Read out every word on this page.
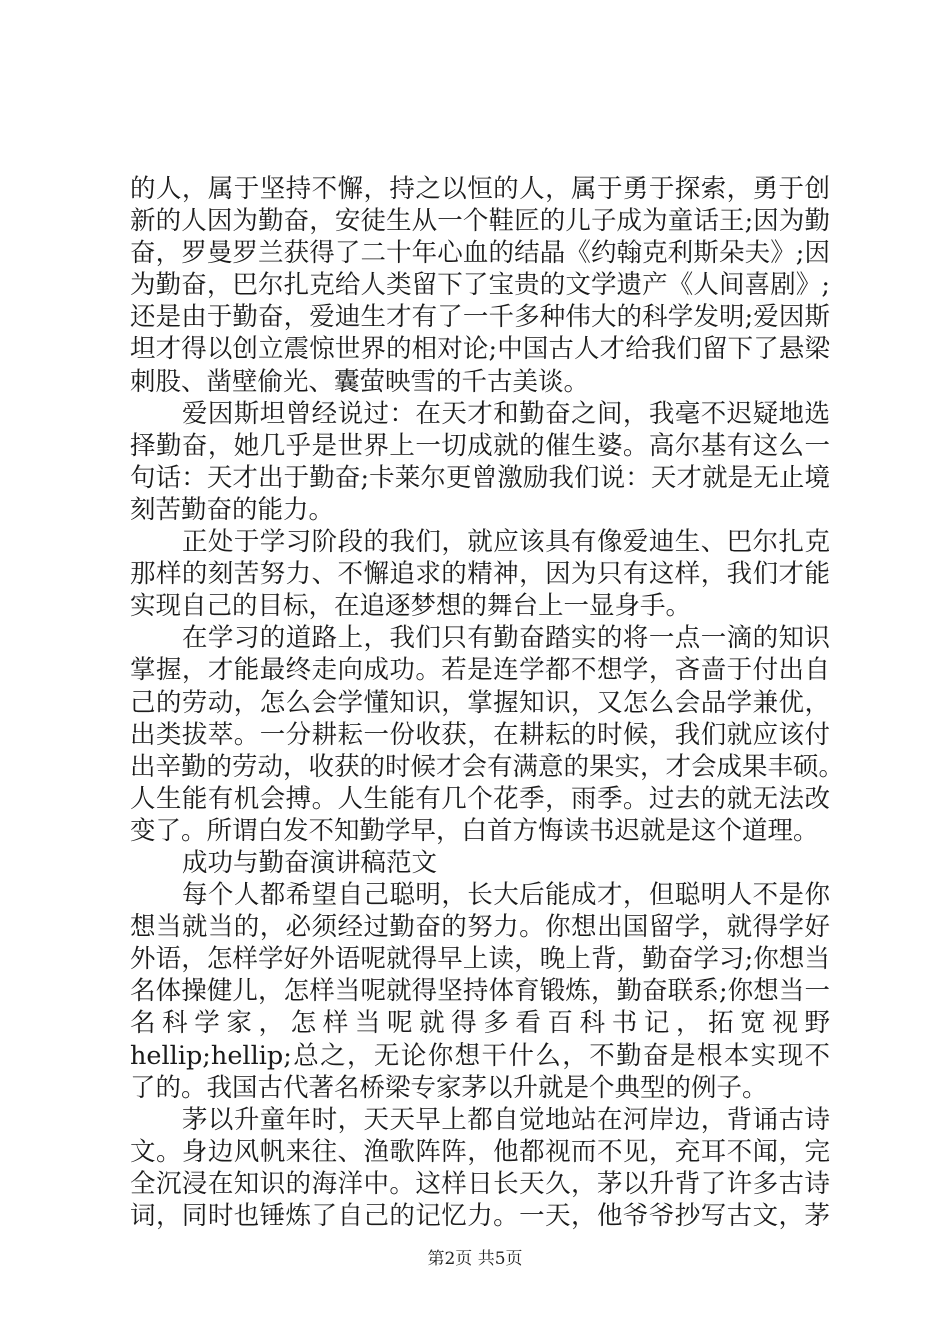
的人，属于坚持不懈，持之以恒的人，属于勇于探索，勇于创
新的人因为勤奋，安徒生从一个鞋匠的儿子成为童话王;因为勤
奋，罗曼罗兰获得了二十年心血的结晶《约翰克利斯朵夫》;因
为勤奋，巴尔扎克给人类留下了宝贵的文学遗产《人间喜剧》;
还是由于勤奋，爱迪生才有了一千多种伟大的科学发明;爱因斯
坦才得以创立震惊世界的相对论;中国古人才给我们留下了悬梁
刺股、凿壁偷光、囊萤映雪的千古美谈。
爱因斯坦曾经说过：在天才和勤奋之间，我毫不迟疑地选
择勤奋，她几乎是世界上一切成就的催生婆。高尔基有这么一
句话：天才出于勤奋;卡莱尔更曾激励我们说：天才就是无止境
刻苦勤奋的能力。
正处于学习阶段的我们，就应该具有像爱迪生、巴尔扎克
那样的刻苦努力、不懈追求的精神，因为只有这样，我们才能
实现自己的目标，在追逐梦想的舞台上一显身手。
在学习的道路上，我们只有勤奋踏实的将一点一滴的知识
掌握，才能最终走向成功。若是连学都不想学，吝啬于付出自
己的劳动，怎么会学懂知识，掌握知识，又怎么会品学兼优，
出类拔萃。一分耕耘一份收获，在耕耘的时候，我们就应该付
出辛勤的劳动，收获的时候才会有满意的果实，才会成果丰硕。
人生能有机会搏。人生能有几个花季，雨季。过去的就无法改
变了。所谓白发不知勤学早，白首方悔读书迟就是这个道理。
成功与勤奋演讲稿范文
每个人都希望自己聪明，长大后能成才，但聪明人不是你
想当就当的，必须经过勤奋的努力。你想出国留学，就得学好
外语，怎样学好外语呢就得早上读，晚上背，勤奋学习;你想当
名体操健儿，怎样当呢就得坚持体育锻炼，勤奋联系;你想当一
名科学家，怎样当呢就得多看百科书记，拓宽视野
hellip;hellip;总之，无论你想干什么，不勤奋是根本实现不
了的。我国古代著名桥梁专家茅以升就是个典型的例子。
茅以升童年时，天天早上都自觉地站在河岸边，背诵古诗
文。身边风帆来往、渔歌阵阵，他都视而不见，充耳不闻，完
全沉浸在知识的海洋中。这样日长天久，茅以升背了许多古诗
词，同时也锤炼了自己的记忆力。一天，他爷爷抄写古文，茅
第2页 共5页
